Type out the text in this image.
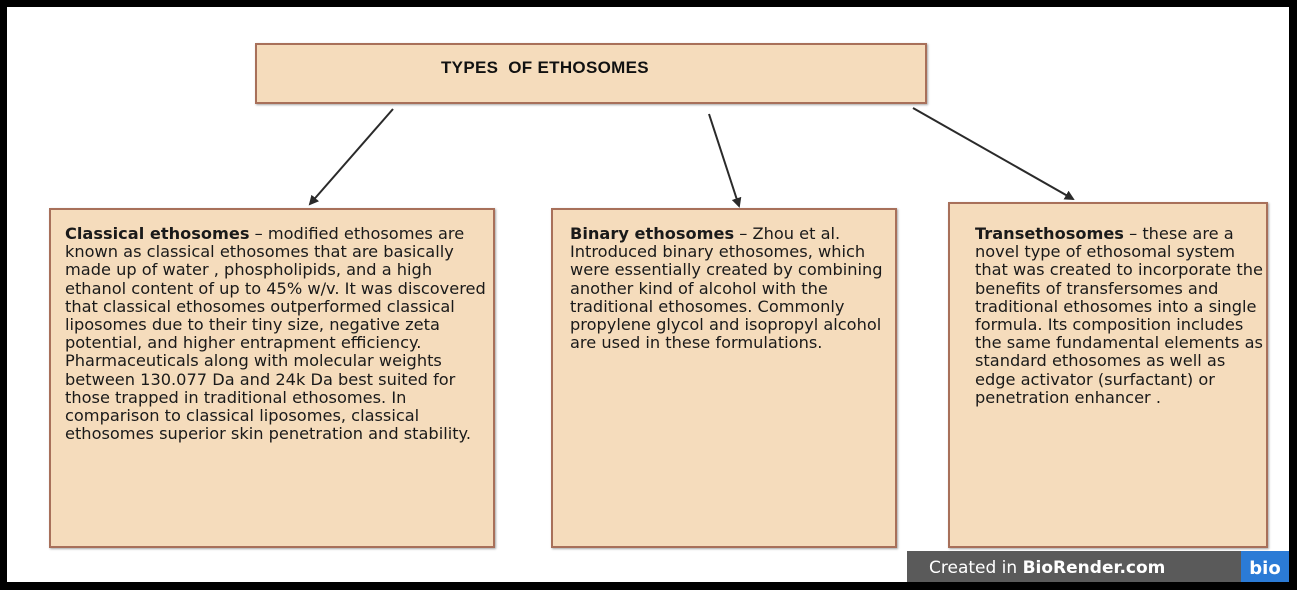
TYPES  OF ETHOSOMES

Classical ethosomes – modified ethosomes are known as classical ethosomes that are basically made up of water , phospholipids, and a high ethanol content of up to 45% w/v. It was discovered that classical ethosomes outperformed classical liposomes due to their tiny size, negative zeta potential, and higher entrapment efficiency. Pharmaceuticals along with molecular weights between 130.077 Da and 24k Da best suited for those trapped in traditional ethosomes. In comparison to classical liposomes, classical ethosomes superior skin penetration and stability.

Binary ethosomes – Zhou et al. Introduced binary ethosomes, which were essentially created by combining another kind of alcohol with the traditional ethosomes. Commonly propylene glycol and isopropyl alcohol are used in these formulations.

Transethosomes – these are a novel type of ethosomal system that was created to incorporate the benefits of transfersomes and traditional ethosomes into a single formula. Its composition includes the same fundamental elements as standard ethosomes as well as edge activator (surfactant) or penetration enhancer .

Created in BioRender.com	bio
